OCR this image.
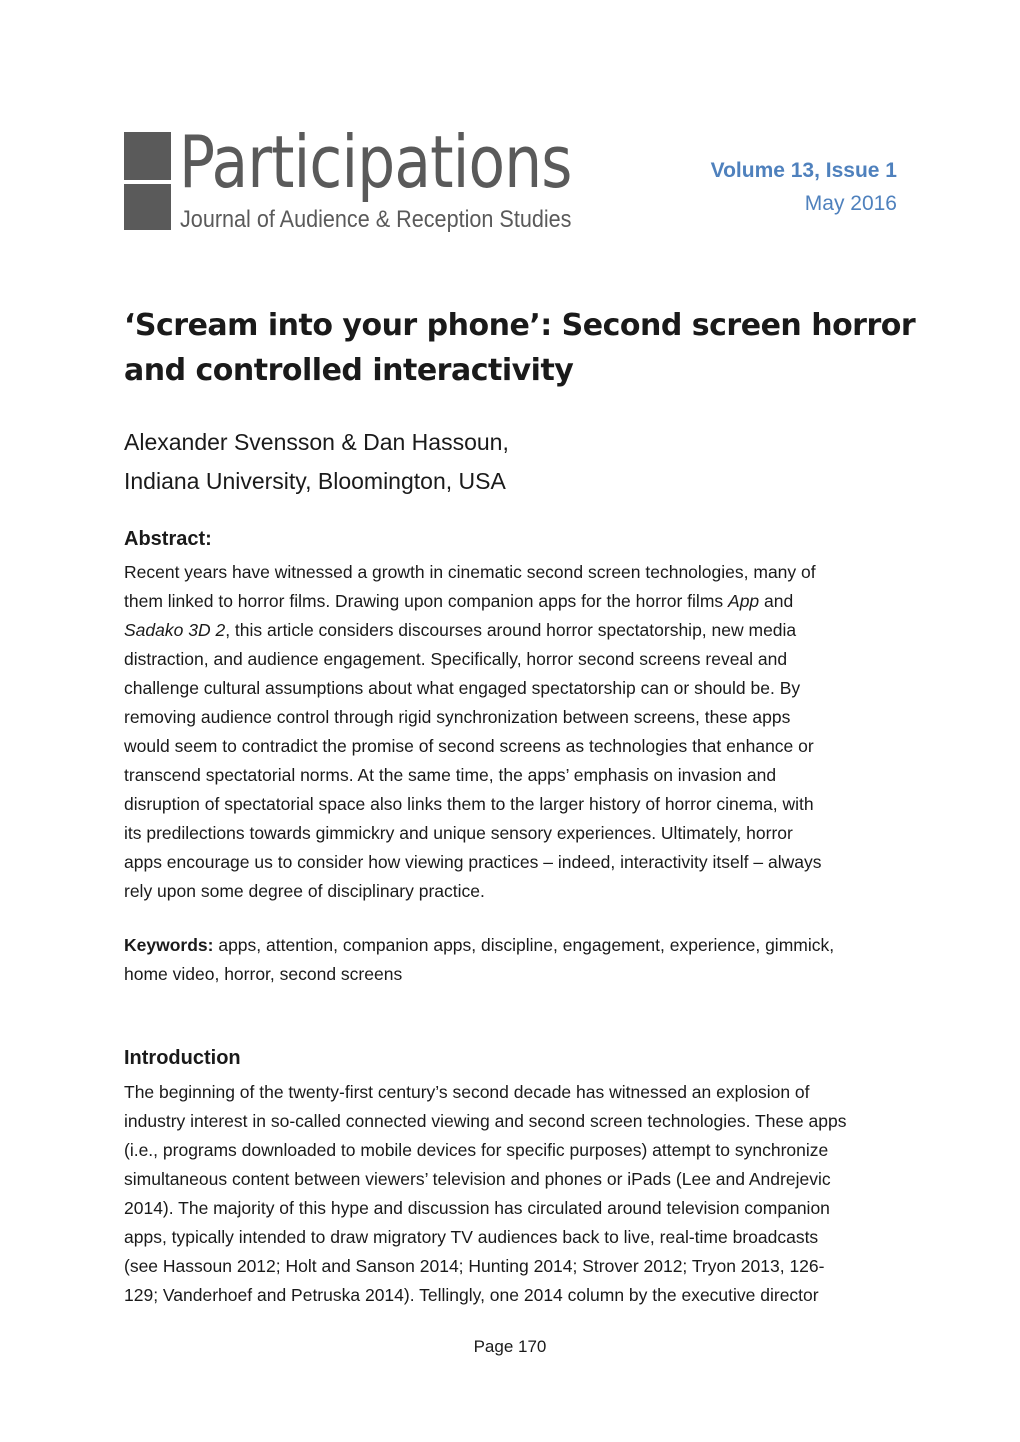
Participations
Journal of Audience & Reception Studies
Volume 13, Issue 1
May 2016
‘Scream into your phone’: Second screen horror
and controlled interactivity
Alexander Svensson & Dan Hassoun,
Indiana University, Bloomington, USA
Abstract:
Recent years have witnessed a growth in cinematic second screen technologies, many of
them linked to horror films. Drawing upon companion apps for the horror films App and
Sadako 3D 2, this article considers discourses around horror spectatorship, new media
distraction, and audience engagement. Specifically, horror second screens reveal and
challenge cultural assumptions about what engaged spectatorship can or should be. By
removing audience control through rigid synchronization between screens, these apps
would seem to contradict the promise of second screens as technologies that enhance or
transcend spectatorial norms. At the same time, the apps’ emphasis on invasion and
disruption of spectatorial space also links them to the larger history of horror cinema, with
its predilections towards gimmickry and unique sensory experiences. Ultimately, horror
apps encourage us to consider how viewing practices – indeed, interactivity itself – always
rely upon some degree of disciplinary practice.
Keywords: apps, attention, companion apps, discipline, engagement, experience, gimmick,
home video, horror, second screens
Introduction
The beginning of the twenty-first century’s second decade has witnessed an explosion of
industry interest in so-called connected viewing and second screen technologies. These apps
(i.e., programs downloaded to mobile devices for specific purposes) attempt to synchronize
simultaneous content between viewers’ television and phones or iPads (Lee and Andrejevic
2014). The majority of this hype and discussion has circulated around television companion
apps, typically intended to draw migratory TV audiences back to live, real-time broadcasts
(see Hassoun 2012; Holt and Sanson 2014; Hunting 2014; Strover 2012; Tryon 2013, 126-
129; Vanderhoef and Petruska 2014). Tellingly, one 2014 column by the executive director
Page 170
